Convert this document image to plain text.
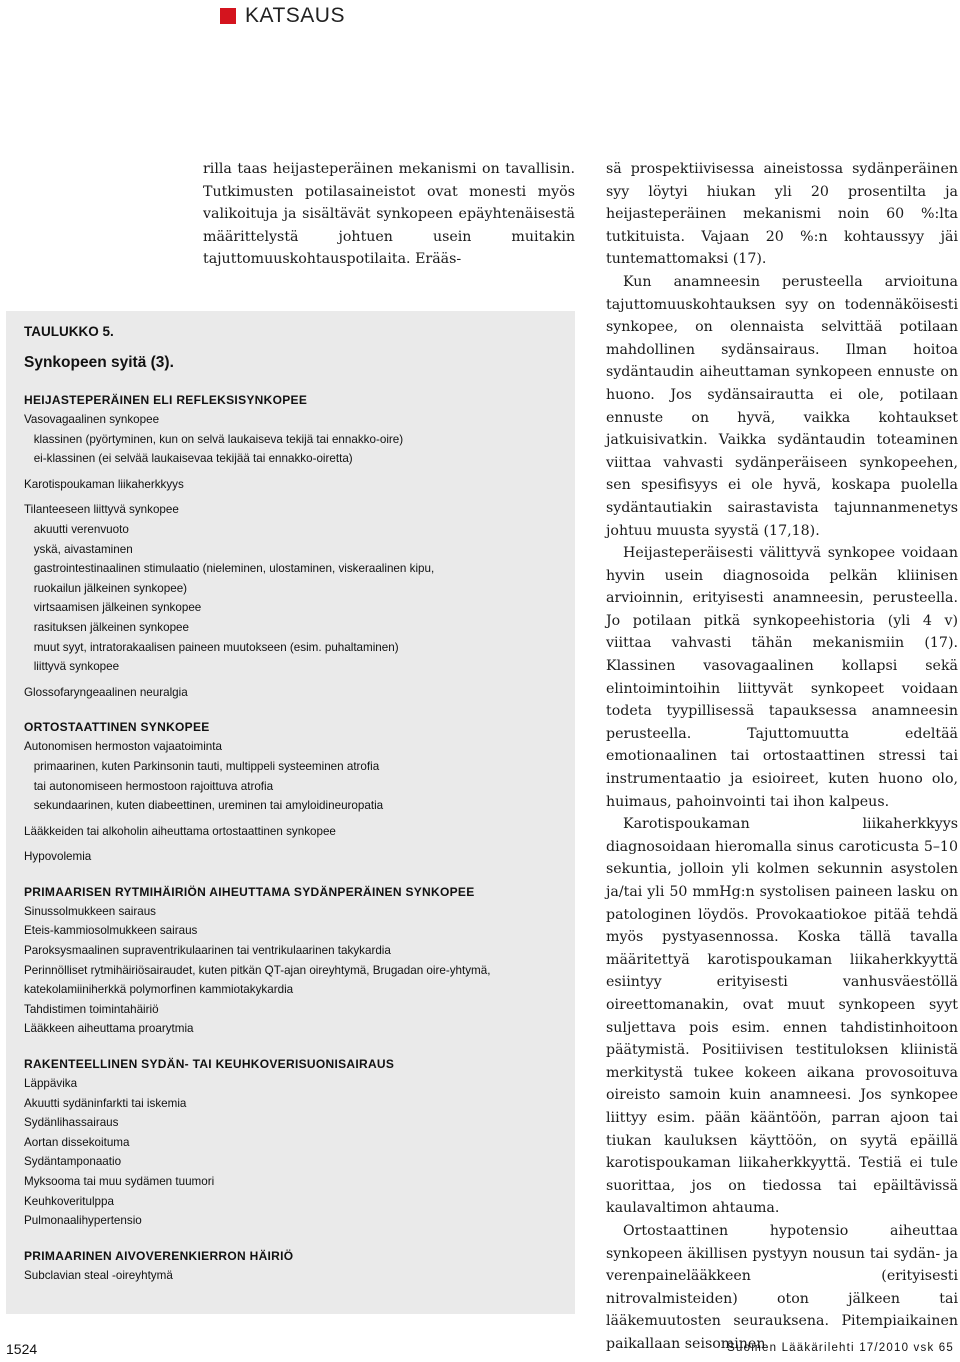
KATSAUS
rilla taas heijasteperäinen mekanismi on tavallisin. Tutkimusten potilasaineistot ovat monesti myös valikoituja ja sisältävät synkopeen epäyhtenäisestä määrittelystä johtuen usein muitakin tajuttomuuskohtauspotilaita. Erääs-

TAULUKKO 5.

Synkopeen syitä (3).

HEIJASTEPERÄINEN ELI REFLEKSISYNKOPEE
Vasovagaalinen synkopee
klassinen (pyörtyminen, kun on selvä laukaiseva tekijä tai ennakko-oire)
ei-klassinen (ei selvää laukaisevaa tekijää tai ennakko-oiretta)
Karotispoukaman liikaherkkyys
Tilanteeseen liittyvä synkopee
akuutti verenvuoto
yskä, aivastaminen
gastrointestinaalinen stimulaatio (nieleminen, ulostaminen, viskeraalinen kipu,
ruokailun jälkeinen synkopee)
virtsaamisen jälkeinen synkopee
rasituksen jälkeinen synkopee
muut syyt, intratorakaalisen paineen muutokseen (esim. puhaltaminen)
liittyvä synkopee
Glossofaryngeaalinen neuralgia
ORTOSTAATTINEN SYNKOPEE
Autonomisen hermoston vajaatoiminta
primaarinen, kuten Parkinsonin tauti, multippeli systeeminen atrofia
tai autonomiseen hermostoon rajoittuva atrofia
sekundaarinen, kuten diabeettinen, ureminen tai amyloidineuropatia
Lääkkeiden tai alkoholin aiheuttama ortostaattinen synkopee
Hypovolemia
PRIMAARISEN RYTMIHÄIRIÖN AIHEUTTAMA SYDÄNPERÄINEN SYNKOPEE
Sinussolmukkeen sairaus
Eteis-kammiosolmukkeen sairaus
Paroksysmaalinen supraventrikulaarinen tai ventrikulaarinen takykardia
Perinnölliset rytmihäiriösairaudet, kuten pitkän QT-ajan oireyhtymä, Brugadan oire-yhtymä,
katekolamiiniherkkä polymorfinen kammiotakykardia
Tahdistimen toimintahäiriö
Lääkkeen aiheuttama proarytmia
RAKENTEELLINEN SYDÄN- TAI KEUHKOVERISUONISAIRAUS
Läppävika
Akuutti sydäninfarkti tai iskemia
Sydänlihassairaus
Aortan dissekoituma
Sydäntamponaatio
Myksooma tai muu sydämen tuumori
Keuhkoveritulppa
Pulmonaalihypertensio
PRIMAARINEN AIVOVERENKIERRON HÄIRIÖ
Subclavian steal -oireyhtymä

sä prospektiivisessa aineistossa sydänperäinen syy löytyi hiukan yli 20 prosentilta ja heijasteperäinen mekanismi noin 60 %:lta tutkituista. Vajaan 20 %:n kohtaussyy jäi tuntemattomaksi (17).

Kun anamneesin perusteella arvioituna tajuttomuuskohtauksen syy on todennäköisesti synkopee, on olennaista selvittää potilaan mahdollinen sydänsairaus. Ilman hoitoa sydäntaudin aiheuttaman synkopeen ennuste on huono. Jos sydänsairautta ei ole, potilaan ennuste on hyvä, vaikka kohtaukset jatkuisivatkin. Vaikka sydäntaudin toteaminen viittaa vahvasti sydänperäiseen synkopeehen, sen spesifisyys ei ole hyvä, koskapa puolella sydäntautiakin sairastavista tajunnanmenetys johtuu muusta syystä (17,18).

Heijasteperäisesti välittyvä synkopee voidaan hyvin usein diagnosoida pelkän kliinisen arvioinnin, erityisesti anamneesin, perusteella. Jo potilaan pitkä synkopeehistoria (yli 4 v) viittaa vahvasti tähän mekanismiin (17). Klassinen vasovagaalinen kollapsi sekä elintoimintoihin liittyvät synkopeet voidaan todeta tyypillisessä tapauksessa anamneesin perusteella. Tajuttomuutta edeltää emotionaalinen tai ortostaattinen stressi tai instrumentaatio ja esioireet, kuten huono olo, huimaus, pahoinvointi tai ihon kalpeus.

Karotispoukaman liikaherkkyys diagnosoidaan hieromalla sinus caroticusta 5–10 sekuntia, jolloin yli kolmen sekunnin asystolen ja/tai yli 50 mmHg:n systolisen paineen lasku on patologinen löydös. Provokaatiokoe pitää tehdä myös pystyasennossa. Koska tällä tavalla määritettyä karotispoukaman liikaherkkyyttä esiintyy erityisesti vanhusväestöllä oireettomanakin, ovat muut synkopeen syyt suljettava pois esim. ennen tahdistinhoitoon päätymistä. Positiivisen testituloksen kliinistä merkitystä tukee kokeen aikana provosoituva oireisto samoin kuin anamneesi. Jos synkopee liittyy esim. pään kääntöön, parran ajoon tai tiukan kauluksen käyttöön, on syytä epäillä karotispoukaman liikaherkkyyttä. Testiä ei tule suorittaa, jos on tiedossa tai epäiltävissä kaulavaltimon ahtauma.

Ortostaattinen hypotensio aiheuttaa synkopeen äkillisen pystyyn nousun tai sydän- ja verenpainelääkkeen (erityisesti nitrovalmisteiden) oton jälkeen tai lääkemuutosten seurauksena. Pitempiaikainen paikallaan seisominen

1524	Suomen Lääkärilehti 17/2010 vsk 65
